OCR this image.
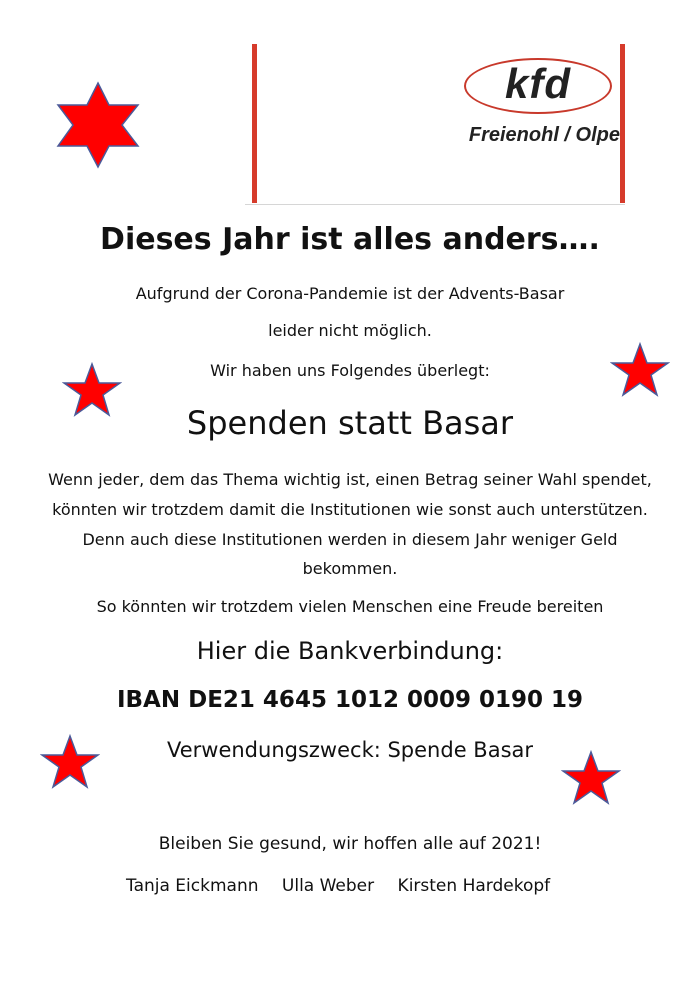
kfd
Freienohl / Olpe
Dieses Jahr ist alles anders….
Aufgrund der Corona-Pandemie ist der Advents-Basar
leider nicht möglich.
Wir haben uns Folgendes überlegt:
Spenden statt Basar
Wenn jeder, dem das Thema wichtig ist, einen Betrag seiner Wahl spendet,
könnten wir trotzdem damit die Institutionen wie sonst auch unterstützen.
Denn auch diese Institutionen werden in diesem Jahr weniger Geld
bekommen.
So könnten wir trotzdem vielen Menschen eine Freude bereiten
Hier die Bankverbindung:
IBAN DE21 4645 1012 0009 0190 19
Verwendungszweck: Spende Basar
Bleiben Sie gesund, wir hoffen alle auf 2021!
Tanja Eickmann Ulla Weber Kirsten Hardekopf
